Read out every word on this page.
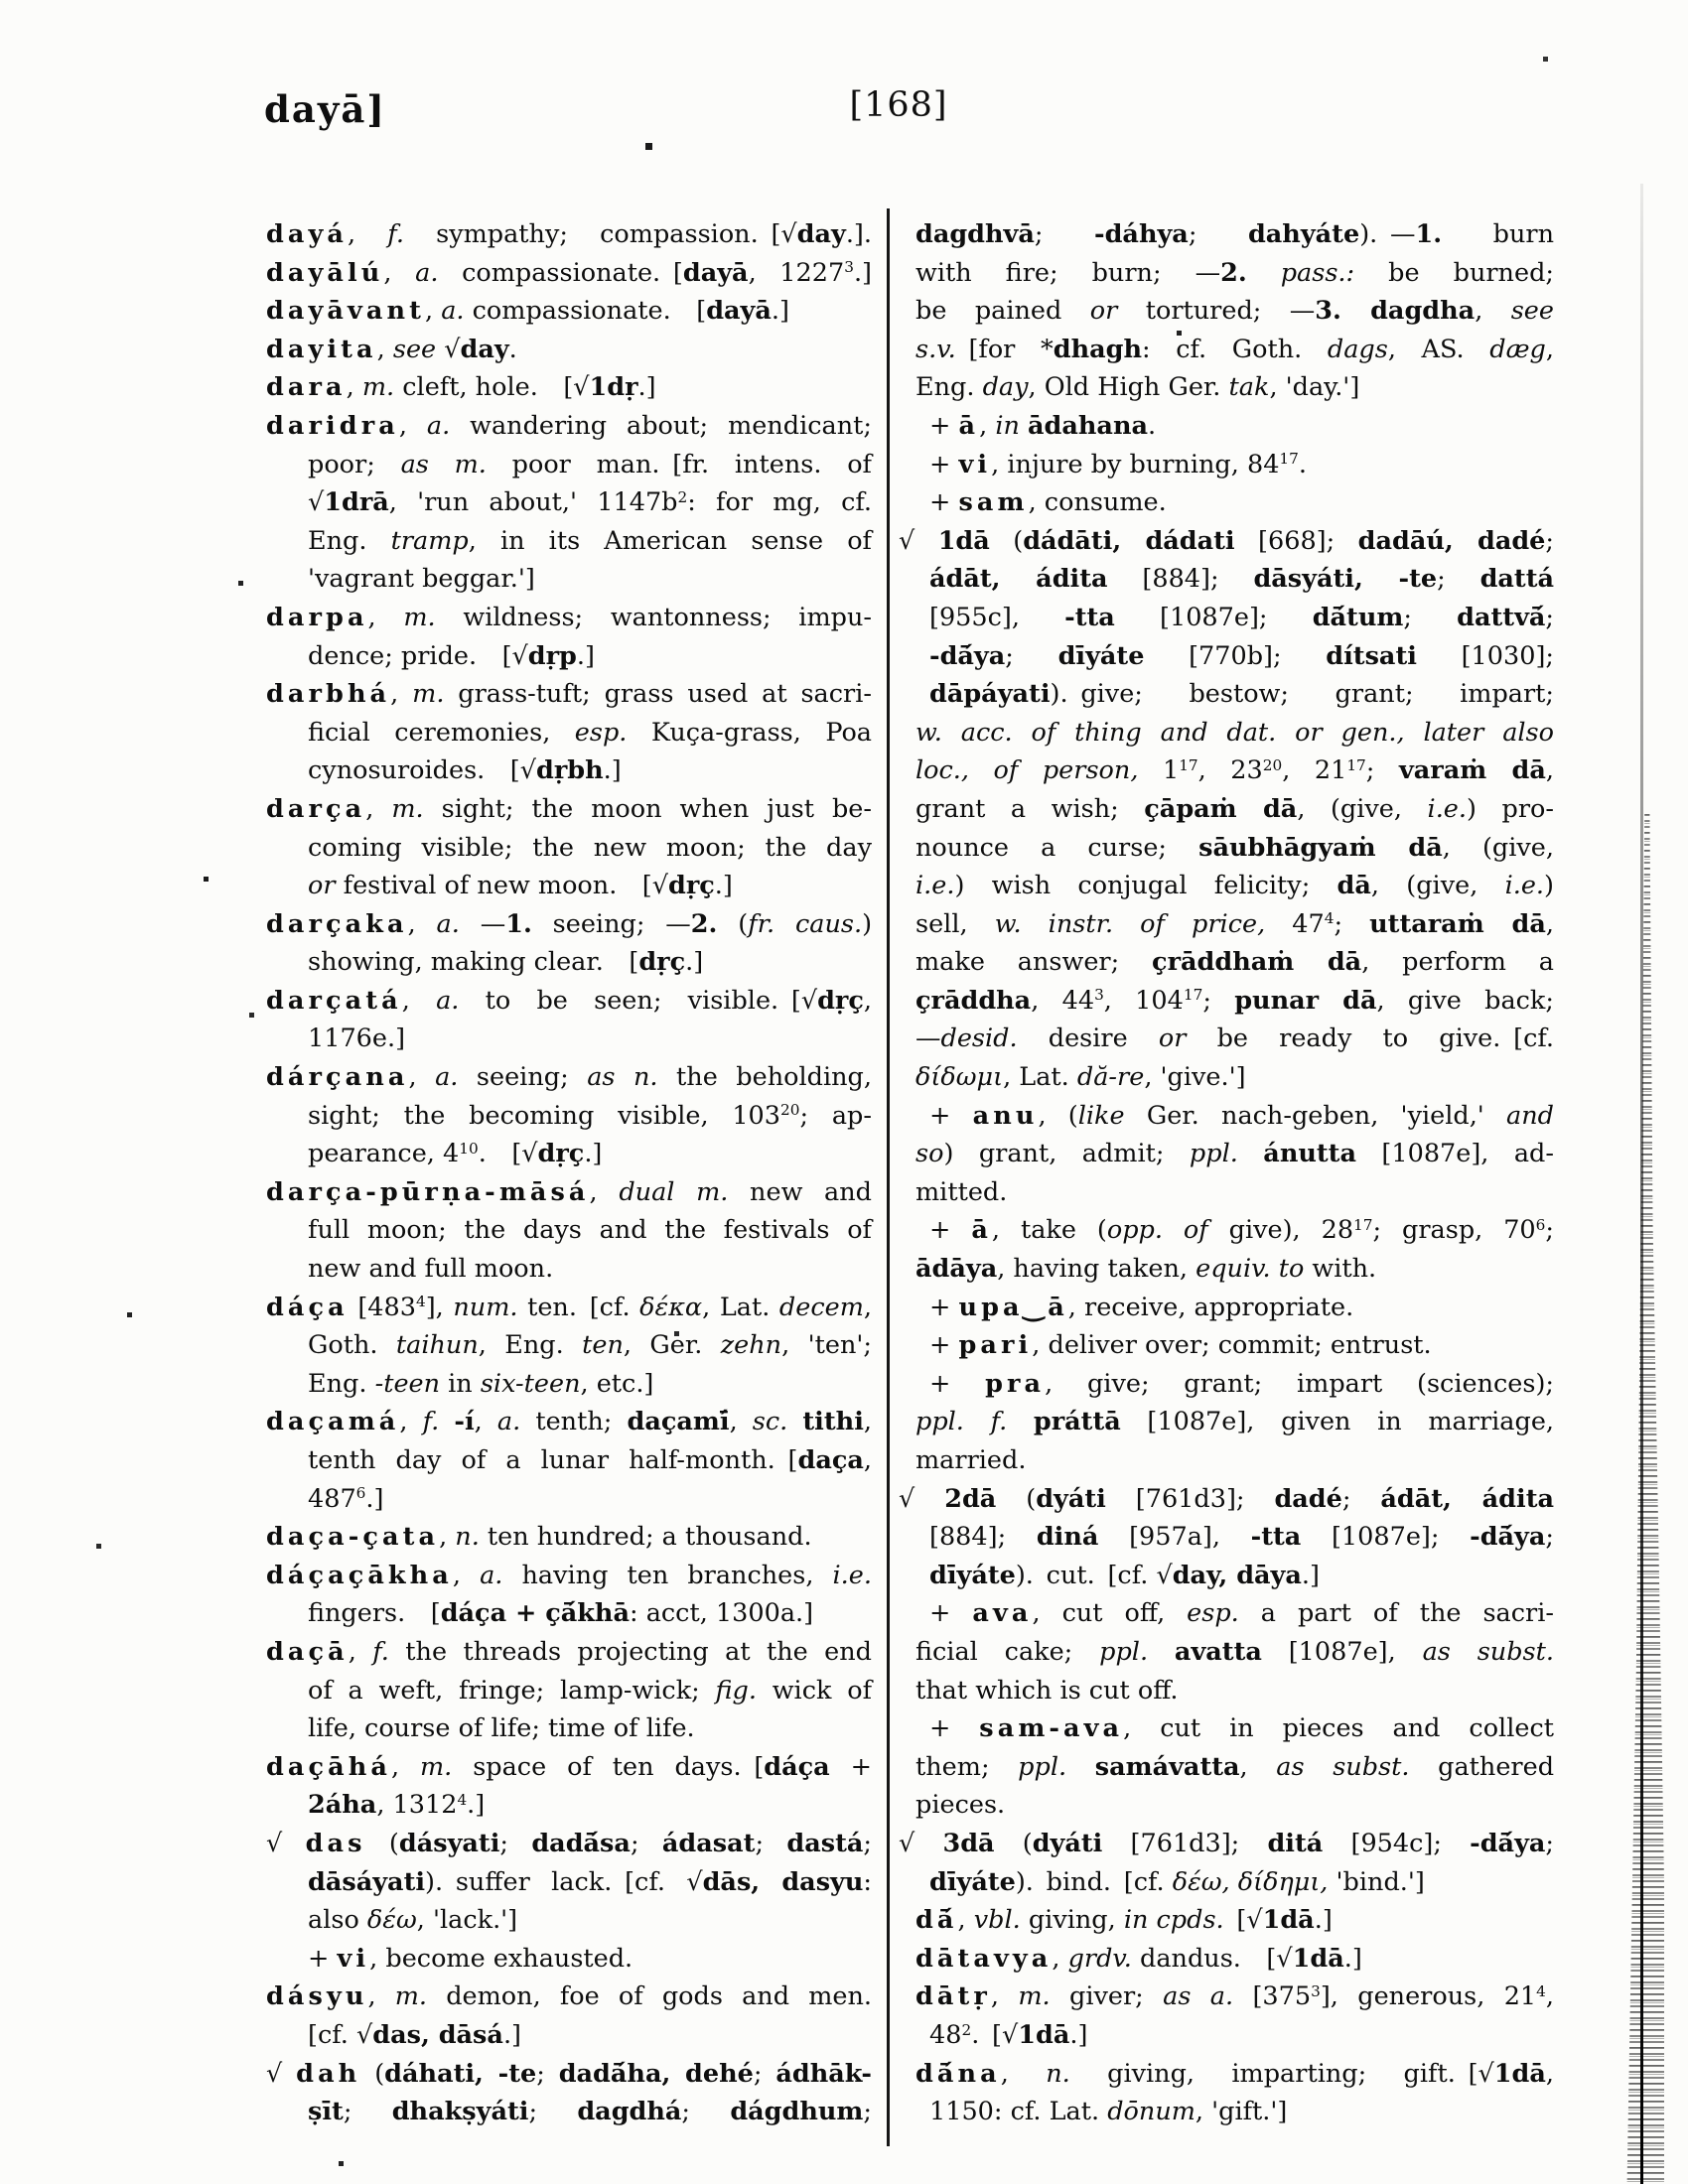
dayā]	[168]
dayá, f. sympathy; compassion. [√day.].
dayālú, a. compassionate. [dayā, 1227$^3$.]
dayāvant, a. compassionate.  [dayā.]
dayita, see √day.
dara, m. cleft, hole.  [√1dṛ.]
daridra, a. wandering about; mendicant;
poor; as m. poor man. [fr. intens. of
√1drā, 'run about,' $1147b^2$: for mg, cf.
Eng. tramp, in its American sense of
'vagrant beggar.']
darpa, m. wildness; wantonness; impu-
dence; pride.  [√dṛp.]
darbhá, m. grass-tuft; grass used at sacri-
ficial ceremonies, esp. Kuça-grass, Poa
cynosuroides.  [√dṛbh.]
darça, m. sight; the moon when just be-
coming visible; the new moon; the day
or festival of new moon.  [√dṛç.]
darçaka, a. —1. seeing; —2. (fr. caus.)
showing, making clear.  [dṛç.]
darçatá, a. to be seen; visible. [√dṛç,
1176e.]
dárçana, a. seeing; as n. the beholding,
sight; the becoming visible, $103^{20}$; ap-
pearance, $4^{10}$.  [√dṛç.]
darça-pūrṇa-māsá, dual m. new and
full moon; the days and the festivals of
new and full moon.
dáça $[483^4]$, num. ten. [cf. δέκα, Lat. decem,
Goth. taihun, Eng. ten, Ger. zehn, 'ten';
Eng. -teen in six-teen, etc.]
daçamá, f. -í, a. tenth; daçamī́, sc. tithi,
tenth day of a lunar half-month. [daça,
$487^6$.]
daça-çata, n. ten hundred; a thousand.
dáçaçākha, a. having ten branches, i.e.
fingers.  [dáça + çā́khā: acct, 1300a.]
daçā, f. the threads projecting at the end
of a weft, fringe; lamp-wick; fig. wick of
life, course of life; time of life.
daçāhá, m. space of ten days. [dáça +
2áha, 1312$^4$.]
√ das (dásyati; dadā́sa; ádasat; dastá;
dāsáyati). suffer lack. [cf. √dās, dasyu:
also δέω, 'lack.']
+ vi, become exhausted.
dásyu, m. demon, foe of gods and men.
[cf. √das, dāsá.]
√ dah (dáhati, -te; dadā́ha, dehé; ádhāk-
ṣīt; dhakṣyáti; dagdhá; dágdhum;
dagdhvā; -dáhya; dahyáte). —1. burn
with fire; burn; —2. pass.: be burned;
be pained or tortured; —3. dagdha, see
s.v. [for *dhagh: cf. Goth. dags, AS. dæg,
Eng. day, Old High Ger. tak, 'day.']
+ ā, in ādahana.
+ vi, injure by burning, $84^{17}$.
+ sam, consume.
√ 1dā (dádāti, dádati [668]; dadāú, dadé;
ádāt, ádita [884]; dāsyáti, -te; dattá
[955c], -tta [1087e]; dā́tum; dattvā́;
-dā́ya; dīyáte [770b]; dítsati [1030];
dāpáyati). give; bestow; grant; impart;
w. acc. of thing and dat. or gen., later also
loc., of person, $1^{17}$, $23^{20}$, $21^{17}$; varaṁ dā,
grant a wish; çāpaṁ dā, (give, i.e.) pro-
nounce a curse; sāubhāgyaṁ dā, (give,
i.e.) wish conjugal felicity; dā, (give, i.e.)
sell, w. instr. of price, $47^4$; uttaraṁ dā,
make answer; çrāddhaṁ dā, perform a
çrāddha, $44^3$, $104^{17}$; punar dā, give back;
—desid. desire or be ready to give. [cf.
δίδωμι, Lat. dă-re, 'give.']
+ anu, (like Ger. nach-geben, 'yield,' and
so) grant, admit; ppl. ánutta [1087e], ad-
mitted.
+ ā, take (opp. of give), $28^{17}$; grasp, $70^6$;
ādāya, having taken, equiv. to with.
+ upa‿ā, receive, appropriate.
+ pari, deliver over; commit; entrust.
+ pra, give; grant; impart (sciences);
ppl. f. práttā [1087e], given in marriage,
married.
√ 2dā (dyáti [761d3]; dadé; ádāt, ádita
[884]; diná [957a], -tta [1087e]; -dā́ya;
dīyáte). cut. [cf. √day, dāya.]
+ ava, cut off, esp. a part of the sacri-
ficial cake; ppl. avatta [1087e], as subst.
that which is cut off.
+ sam-ava, cut in pieces and collect
them; ppl. samávatta, as subst. gathered
pieces.
√ 3dā (dyáti [761d3]; ditá [954c]; -dā́ya;
dīyáte). bind. [cf. δέω, δίδημι, 'bind.']
dā́, vbl. giving, in cpds. [√1dā.]
dātavya, grdv. dandus.  [√1dā.]
dātṛ, m. giver; as a. $[375^3]$, generous, $21^4$,
$48^2$. [√1dā.]
dā́na, n. giving, imparting; gift. [√1dā,
1150: cf. Lat. dōnum, 'gift.']
